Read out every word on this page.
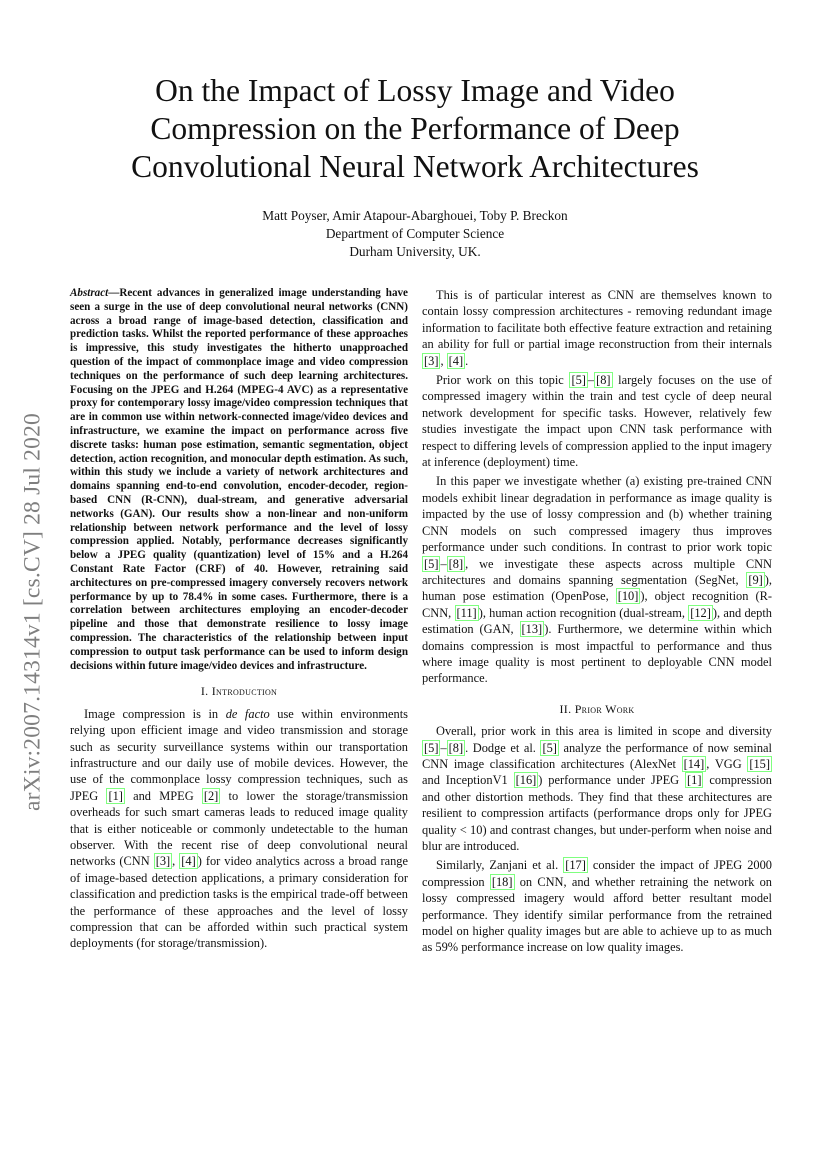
arXiv:2007.14314v1 [cs.CV] 28 Jul 2020
On the Impact of Lossy Image and Video
Compression on the Performance of Deep
Convolutional Neural Network Architectures
Matt Poyser, Amir Atapour-Abarghouei, Toby P. Breckon
Department of Computer Science
Durham University, UK.
Abstract—Recent advances in generalized image understanding have seen a surge in the use of deep convolutional neural networks (CNN) across a broad range of image-based detection, classification and prediction tasks. Whilst the reported performance of these approaches is impressive, this study investigates the hitherto unapproached question of the impact of commonplace image and video compression techniques on the performance of such deep learning architectures. Focusing on the JPEG and H.264 (MPEG-4 AVC) as a representative proxy for contemporary lossy image/video compression techniques that are in common use within network-connected image/video devices and infrastructure, we examine the impact on performance across five discrete tasks: human pose estimation, semantic segmentation, object detection, action recognition, and monocular depth estimation. As such, within this study we include a variety of network architectures and domains spanning end-to-end convolution, encoder-decoder, region-based CNN (R-CNN), dual-stream, and generative adversarial networks (GAN). Our results show a non-linear and non-uniform relationship between network performance and the level of lossy compression applied. Notably, performance decreases significantly below a JPEG quality (quantization) level of 15% and a H.264 Constant Rate Factor (CRF) of 40. However, retraining said architectures on pre-compressed imagery conversely recovers network performance by up to 78.4% in some cases. Furthermore, there is a correlation between architectures employing an encoder-decoder pipeline and those that demonstrate resilience to lossy image compression. The characteristics of the relationship between input compression to output task performance can be used to inform design decisions within future image/video devices and infrastructure.
I. Introduction

Image compression is in de facto use within environments relying upon efficient image and video transmission and storage such as security surveillance systems within our transportation infrastructure and our daily use of mobile devices. However, the use of the commonplace lossy compression techniques, such as JPEG [1] and MPEG [2] to lower the storage/transmission overheads for such smart cameras leads to reduced image quality that is either noticeable or commonly undetectable to the human observer. With the recent rise of deep convolutional neural networks (CNN [3] , [4] ) for video analytics across a broad range of image-based detection applications, a primary consideration for classification and prediction tasks is the empirical trade-off between the performance of these approaches and the level of lossy compression that can be afforded within such practical system deployments (for storage/transmission).

This is of particular interest as CNN are themselves known to contain lossy compression architectures - removing redundant image information to facilitate both effective feature extraction and retaining an ability for full or partial image reconstruction from their internals [3] , [4] .

Prior work on this topic [5] – [8] largely focuses on the use of compressed imagery within the train and test cycle of deep neural network development for specific tasks. However, relatively few studies investigate the impact upon CNN task performance with respect to differing levels of compression applied to the input imagery at inference (deployment) time.

In this paper we investigate whether (a) existing pre-trained CNN models exhibit linear degradation in performance as image quality is impacted by the use of lossy compression and (b) whether training CNN models on such compressed imagery thus improves performance under such conditions. In contrast to prior work topic [5] – [8] , we investigate these aspects across multiple CNN architectures and domains spanning segmentation (SegNet, [9] ), human pose estimation (OpenPose, [10] ), object recognition (R-CNN, [11] ), human action recognition (dual-stream, [12] ), and depth estimation (GAN, [13] ). Furthermore, we determine within which domains compression is most impactful to performance and thus where image quality is most pertinent to deployable CNN model performance.

II. Prior Work

Overall, prior work in this area is limited in scope and diversity [5] – [8] . Dodge et al. [5] analyze the performance of now seminal CNN image classification architectures (AlexNet [14] , VGG [15] and InceptionV1 [16] ) performance under JPEG [1] compression and other distortion methods. They find that these architectures are resilient to compression artifacts (performance drops only for JPEG quality < 10) and contrast changes, but under-perform when noise and blur are introduced.

Similarly, Zanjani et al. [17] consider the impact of JPEG 2000 compression [18] on CNN, and whether retraining the network on lossy compressed imagery would afford better resultant model performance. They identify similar performance from the retrained model on higher quality images but are able to achieve up to as much as 59% performance increase on low quality images.
